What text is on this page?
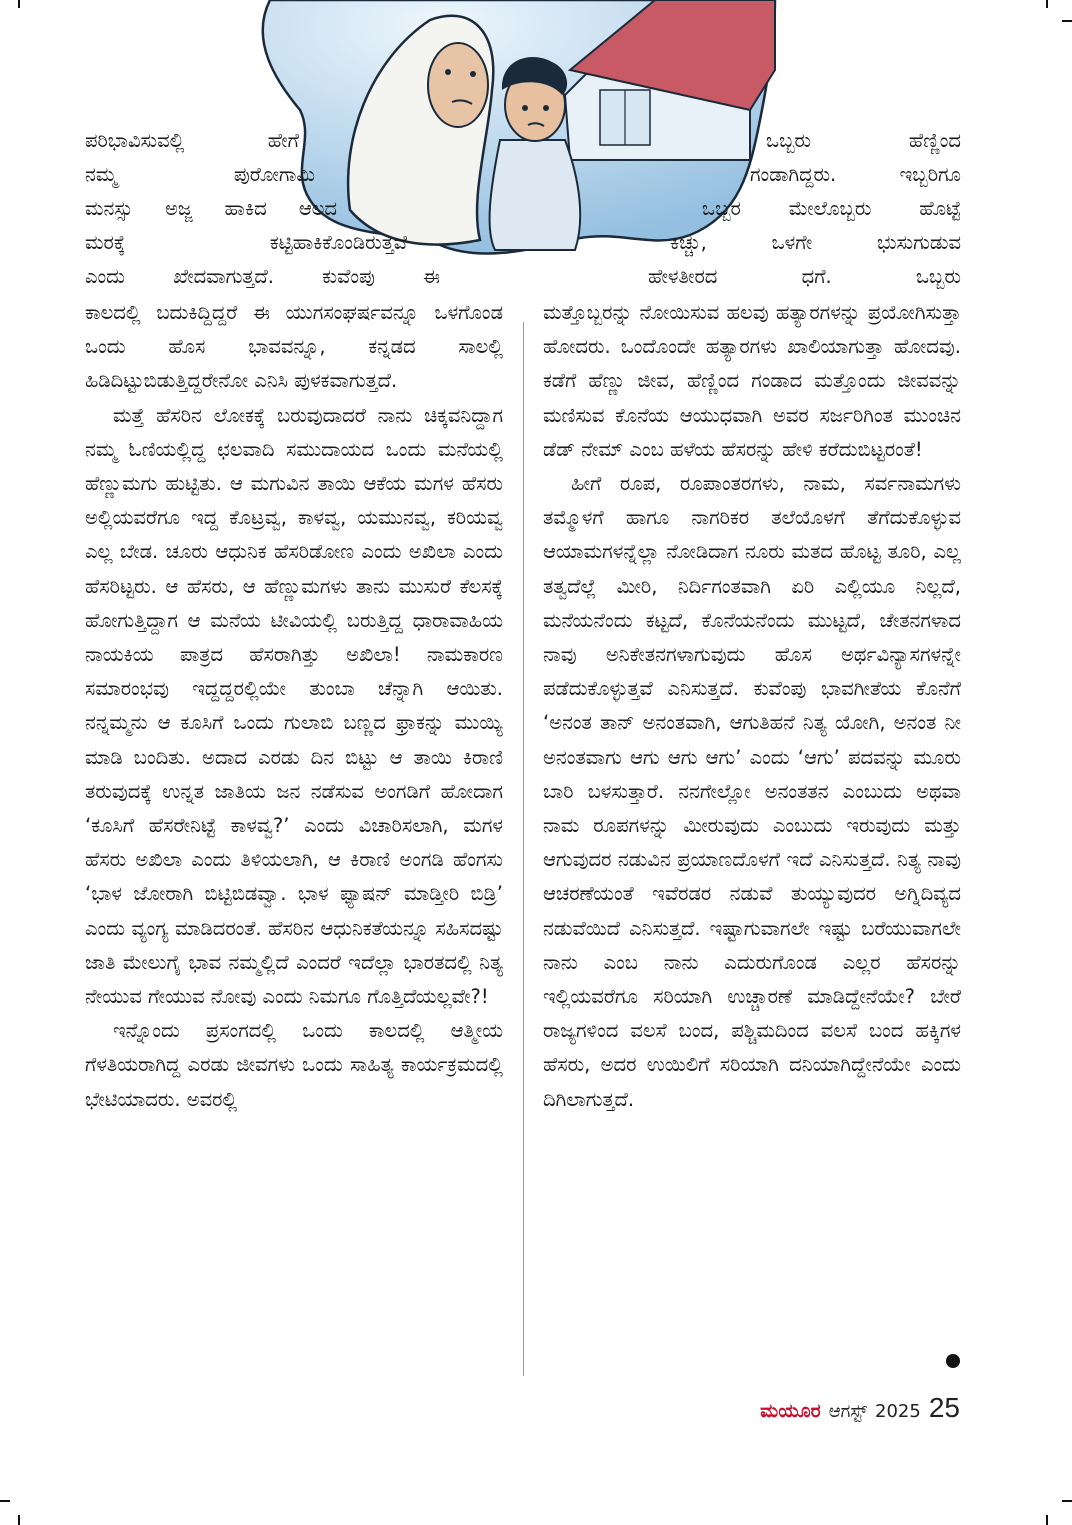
ಪರಿಭಾವಿಸುವಲ್ಲಿ ಹೇಗೆ
ನಮ್ಮ ಪುರೋಗಾಮಿ
ಮನಸ್ಸು ಅಜ್ಜ ಹಾಕಿದ ಆಲದ
ಮರಕ್ಕೆ ಕಟ್ಟಿಹಾಕಿಕೊಂಡಿರುತ್ತವೆ
ಎಂದು ಖೇದವಾಗುತ್ತದೆ. ಕುವೆಂಪು ಈ
ಒಬ್ಬರು ಹೆಣ್ಣಿಂದ
ಗಂಡಾಗಿದ್ದರು. ಇಬ್ಬರಿಗೂ
ಒಬ್ಬರ ಮೇಲೊಬ್ಬರು ಹೊಟ್ಟೆ
ಕಿಚ್ಚು, ಒಳಗೇ ಭುಸುಗುಡುವ
ಹೇಳತೀರದ ಧಗೆ. ಒಬ್ಬರು

ಕಾಲದಲ್ಲಿ ಬದುಕಿದ್ದಿದ್ದರೆ ಈ ಯುಗಸಂಘರ್ಷವನ್ನೂ ಒಳಗೊಂಡ ಒಂದು ಹೊಸ ಭಾವವನ್ನೂ, ಕನ್ನಡದ ಸಾಲಲ್ಲಿ ಹಿಡಿದಿಟ್ಟುಬಿಡುತ್ತಿದ್ದರೇನೋ ಎನಿಸಿ ಪುಳಕವಾಗುತ್ತದೆ.

ಮತ್ತೆ ಹೆಸರಿನ ಲೋಕಕ್ಕೆ ಬರುವುದಾದರೆ ನಾನು ಚಿಕ್ಕವನಿದ್ದಾಗ ನಮ್ಮ ಓಣಿಯಲ್ಲಿದ್ದ ಛಲವಾದಿ ಸಮುದಾಯದ ಒಂದು ಮನೆಯಲ್ಲಿ ಹೆಣ್ಣುಮಗು ಹುಟ್ಟಿತು. ಆ ಮಗುವಿನ ತಾಯಿ ಆಕೆಯ ಮಗಳ ಹೆಸರು ಅಲ್ಲಿಯವರೆಗೂ ಇದ್ದ ಕೊಟ್ರವ್ವ, ಕಾಳವ್ವ, ಯಮುನವ್ವ, ಕರಿಯವ್ವ ಎಲ್ಲ ಬೇಡ. ಚೂರು ಆಧುನಿಕ ಹೆಸರಿಡೋಣ ಎಂದು ಅಖಿಲಾ ಎಂದು ಹೆಸರಿಟ್ಟರು. ಆ ಹೆಸರು, ಆ ಹೆಣ್ಣುಮಗಳು ತಾನು ಮುಸುರೆ ಕೆಲಸಕ್ಕೆ ಹೋಗುತ್ತಿದ್ದಾಗ ಆ ಮನೆಯ ಟೀವಿಯಲ್ಲಿ ಬರುತ್ತಿದ್ದ ಧಾರಾವಾಹಿಯ ನಾಯಕಿಯ ಪಾತ್ರದ ಹೆಸರಾಗಿತ್ತು ಅಖಿಲಾ! ನಾಮಕಾರಣ ಸಮಾರಂಭವು ಇದ್ದದ್ದರಲ್ಲಿಯೇ ತುಂಬಾ ಚೆನ್ನಾಗಿ ಆಯಿತು. ನನ್ನಮ್ಮನು ಆ ಕೂಸಿಗೆ ಒಂದು ಗುಲಾಬಿ ಬಣ್ಣದ ಫ್ರಾಕನ್ನು ಮುಯ್ಯಿ ಮಾಡಿ ಬಂದಿತು. ಅದಾದ ಎರಡು ದಿನ ಬಿಟ್ಟು ಆ ತಾಯಿ ಕಿರಾಣಿ ತರುವುದಕ್ಕೆ ಉನ್ನತ ಜಾತಿಯ ಜನ ನಡೆಸುವ ಅಂಗಡಿಗೆ ಹೋದಾಗ ‘ಕೂಸಿಗೆ ಹೆಸರೇನಿಟ್ಟೆ ಕಾಳವ್ವ?’ ಎಂದು ವಿಚಾರಿಸಲಾಗಿ, ಮಗಳ ಹೆಸರು ಅಖಿಲಾ ಎಂದು ತಿಳಿಯಲಾಗಿ, ಆ ಕಿರಾಣಿ ಅಂಗಡಿ ಹೆಂಗಸು ‘ಭಾಳ ಜೋರಾಗಿ ಬಿಟ್ಟಿಬಿಡವ್ವಾ. ಭಾಳ ಫ್ಯಾಷನ್ ಮಾಡ್ತೀರಿ ಬಿಡ್ರಿ’ ಎಂದು ವ್ಯಂಗ್ಯ ಮಾಡಿದರಂತೆ. ಹೆಸರಿನ ಆಧುನಿಕತೆಯನ್ನೂ ಸಹಿಸದಷ್ಟು ಜಾತಿ ಮೇಲುಗೈ ಭಾವ ನಮ್ಮಲ್ಲಿದೆ ಎಂದರೆ ಇದೆಲ್ಲಾ ಭಾರತದಲ್ಲಿ ನಿತ್ಯ ನೇಯುವ ಗೇಯುವ ನೋವು ಎಂದು ನಿಮಗೂ ಗೊತ್ತಿದೆಯಲ್ಲವೇ?!

ಇನ್ನೊಂದು ಪ್ರಸಂಗದಲ್ಲಿ ಒಂದು ಕಾಲದಲ್ಲಿ ಆತ್ಮೀಯ ಗೆಳತಿಯರಾಗಿದ್ದ ಎರಡು ಜೀವಗಳು ಒಂದು ಸಾಹಿತ್ಯ ಕಾರ್ಯಕ್ರಮದಲ್ಲಿ ಭೇಟಿಯಾದರು. ಅವರಲ್ಲಿ

ಮತ್ತೊಬ್ಬರನ್ನು ನೋಯಿಸುವ ಹಲವು ಹತ್ಯಾರಗಳನ್ನು ಪ್ರಯೋಗಿಸುತ್ತಾ ಹೋದರು. ಒಂದೊಂದೇ ಹತ್ಯಾರಗಳು ಖಾಲಿಯಾಗುತ್ತಾ ಹೋದವು. ಕಡೆಗೆ ಹೆಣ್ಣು ಜೀವ, ಹೆಣ್ಣಿಂದ ಗಂಡಾದ ಮತ್ತೊಂದು ಜೀವವನ್ನು ಮಣಿಸುವ ಕೊನೆಯ ಆಯುಧವಾಗಿ ಅವರ ಸರ್ಜರಿಗಿಂತ ಮುಂಚಿನ ಡೆಡ್ ನೇಮ್ ಎಂಬ ಹಳೆಯ ಹೆಸರನ್ನು ಹೇಳಿ ಕರೆದುಬಿಟ್ಟರಂತೆ!

ಹೀಗೆ ರೂಪ, ರೂಪಾಂತರಗಳು, ನಾಮ, ಸರ್ವನಾಮಗಳು ತಮ್ಮೊಳಗೆ ಹಾಗೂ ನಾಗರಿಕರ ತಲೆಯೊಳಗೆ ತೆಗೆದುಕೊಳ್ಳುವ ಆಯಾಮಗಳನ್ನೆಲ್ಲಾ ನೋಡಿದಾಗ ನೂರು ಮತದ ಹೊಟ್ಟ ತೂರಿ, ಎಲ್ಲ ತತ್ವದೆಲ್ಲೆ ಮೀರಿ, ನಿರ್ದಿಗಂತವಾಗಿ ಏರಿ ಎಲ್ಲಿಯೂ ನಿಲ್ಲದೆ, ಮನೆಯನೆಂದು ಕಟ್ಟದೆ, ಕೊನೆಯನೆಂದು ಮುಟ್ಟದೆ, ಚೇತನಗಳಾದ ನಾವು ಅನಿಕೇತನಗಳಾಗುವುದು ಹೊಸ ಅರ್ಥವಿನ್ಯಾಸಗಳನ್ನೇ ಪಡೆದುಕೊಳ್ಳುತ್ತವೆ ಎನಿಸುತ್ತದೆ. ಕುವೆಂಪು ಭಾವಗೀತೆಯ ಕೊನೆಗೆ ‘ಅನಂತ ತಾನ್ ಅನಂತವಾಗಿ, ಆಗುತಿಹನೆ ನಿತ್ಯ ಯೋಗಿ, ಅನಂತ ನೀ ಅನಂತವಾಗು ಆಗು ಆಗು ಆಗು’ ಎಂದು ‘ಆಗು’ ಪದವನ್ನು ಮೂರು ಬಾರಿ ಬಳಸುತ್ತಾರೆ. ನನಗೇಲ್ಲೋ ಅನಂತತನ ಎಂಬುದು ಅಥವಾ ನಾಮ ರೂಪಗಳನ್ನು ಮೀರುವುದು ಎಂಬುದು ಇರುವುದು ಮತ್ತು ಆಗುವುದರ ನಡುವಿನ ಪ್ರಯಾಣದೊಳಗೆ ಇದೆ ಎನಿಸುತ್ತದೆ. ನಿತ್ಯ ನಾವು ಆಚರಣೆಯಂತೆ ಇವೆರಡರ ನಡುವೆ ತುಯ್ಯುವುದರ ಅಗ್ನಿದಿವ್ಯದ ನಡುವೆಯಿದೆ ಎನಿಸುತ್ತದೆ. ಇಷ್ಟಾಗುವಾಗಲೇ ಇಷ್ಟು ಬರೆಯುವಾಗಲೇ ನಾನು ಎಂಬ ನಾನು ಎದುರುಗೊಂಡ ಎಲ್ಲರ ಹೆಸರನ್ನು ಇಲ್ಲಿಯವರೆಗೂ ಸರಿಯಾಗಿ ಉಚ್ಚಾರಣೆ ಮಾಡಿದ್ದೇನೆಯೇ? ಬೇರೆ ರಾಜ್ಯಗಳಿಂದ ವಲಸೆ ಬಂದ, ಪಶ್ಚಿಮದಿಂದ ವಲಸೆ ಬಂದ ಹಕ್ಕಿಗಳ ಹೆಸರು, ಅದರ ಉಯಿಲಿಗೆ ಸರಿಯಾಗಿ ದನಿಯಾಗಿದ್ದೇನೆಯೇ ಎಂದು ದಿಗಿಲಾಗುತ್ತದೆ.

ಮಯೂರ ಆಗಸ್ಟ್ 2025 25
